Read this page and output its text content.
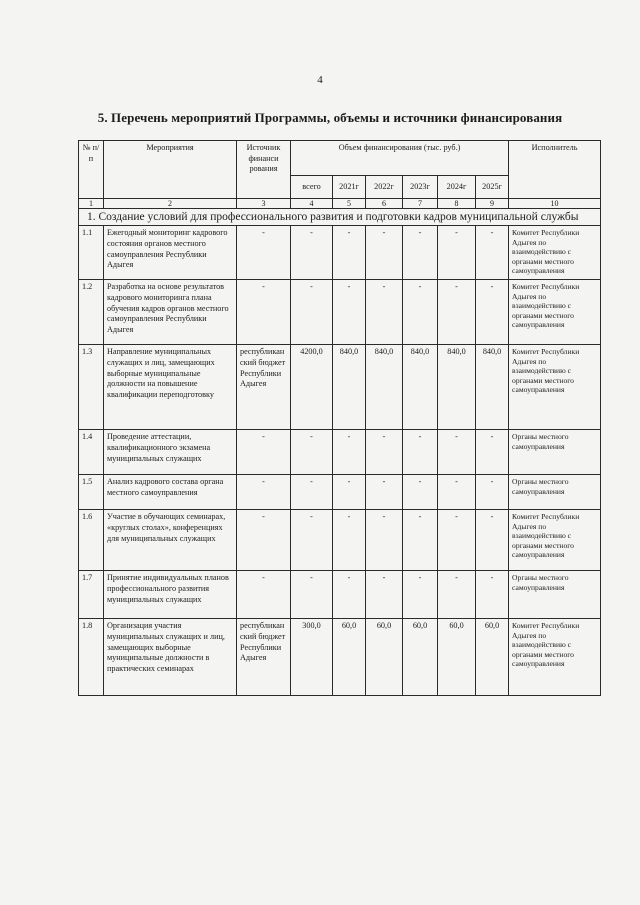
4
5. Перечень мероприятий Программы, объемы и источники финансирования
№ п/п	Мероприятия	Источник финанси рования	Объем финансирования (тыс. руб.)						Исполнитель
			всего	2021г	2022г	2023г	2024г	2025г	
1	2	3	4	5	6	7	8	9	10
1. Создание условий для профессионального развития и подготовки кадров муниципальной службы									
1.1	Ежегодный мониторинг кадрового состояния органов местного самоуправления Республики Адыгея	-	-	-	-	-	-	-	Комитет Республики Адыгея по взаимодействию с органами местного самоуправления
1.2	Разработка на основе результатов кадрового мониторинга плана обучения кадров органов местного самоуправления Республики Адыгея	-	-	-	-	-	-	-	Комитет Республики Адыгея по взаимодействию с органами местного самоуправления
1.3	Направление муниципальных служащих и лиц, замещающих выборные муниципальные должности на повышение квалификации переподготовку	республиканский бюджет Республики Адыгея	4200,0	840,0	840,0	840,0	840,0	840,0	Комитет Республики Адыгея по взаимодействию с органами местного самоуправления
1.4	Проведение аттестации, квалификационного экзамена муниципальных служащих	-	-	-	-	-	-	-	Органы местного самоуправления
1.5	Анализ кадрового состава органа местного самоуправления	-	-	-	-	-	-	-	Органы местного самоуправления
1.6	Участие в обучающих семинарах, «круглых столах», конференциях для муниципальных служащих	-	-	-	-	-	-	-	Комитет Республики Адыгея по взаимодействию с органами местного самоуправления
1.7	Принятие индивидуальных планов профессионального развития муниципальных служащих	-	-	-	-	-	-	-	Органы местного самоуправления
1.8	Организация участия муниципальных служащих и лиц, замещающих выборные муниципальные должности в практических семинарах	республиканский бюджет Республики Адыгея	300,0	60,0	60,0	60,0	60,0	60,0	Комитет Республики Адыгея по взаимодействию с органами местного самоуправления
